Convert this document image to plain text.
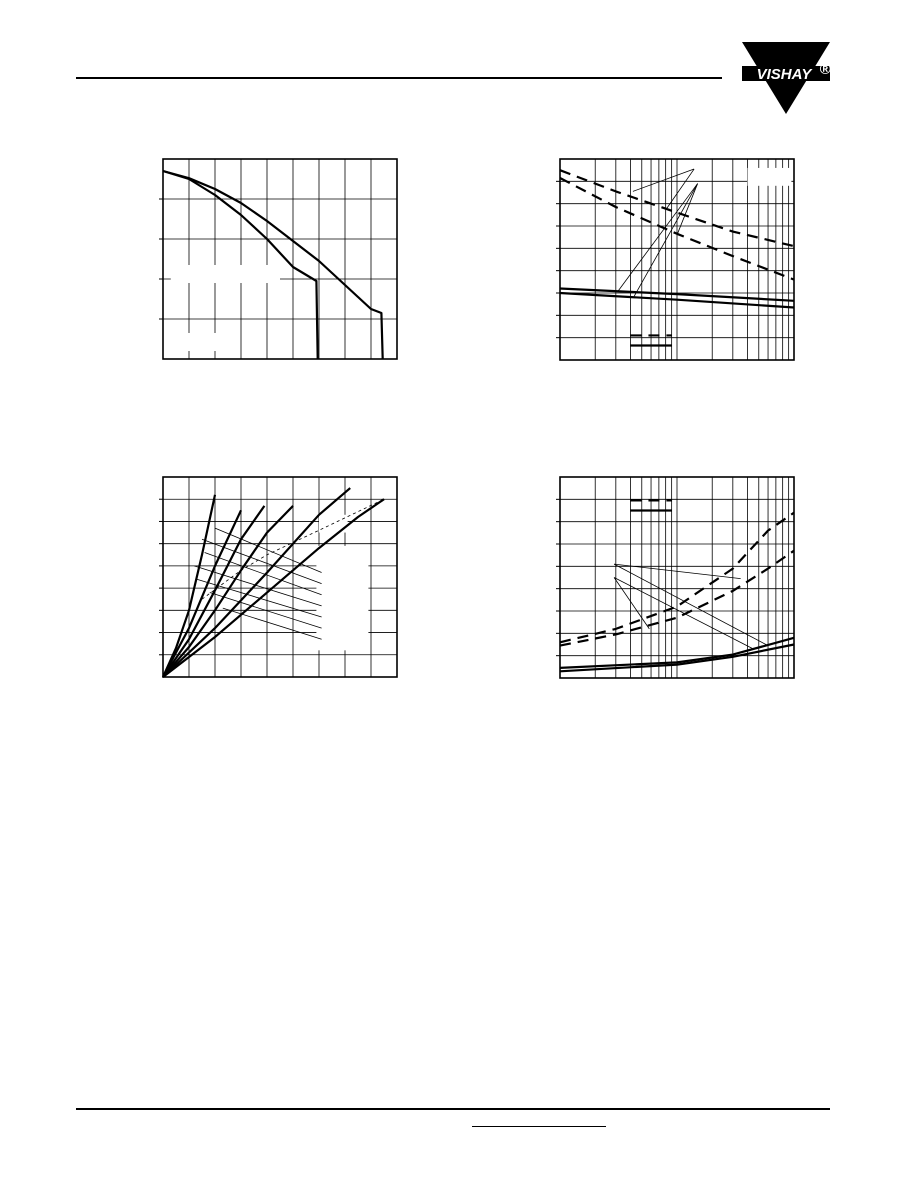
VISHAY ®
